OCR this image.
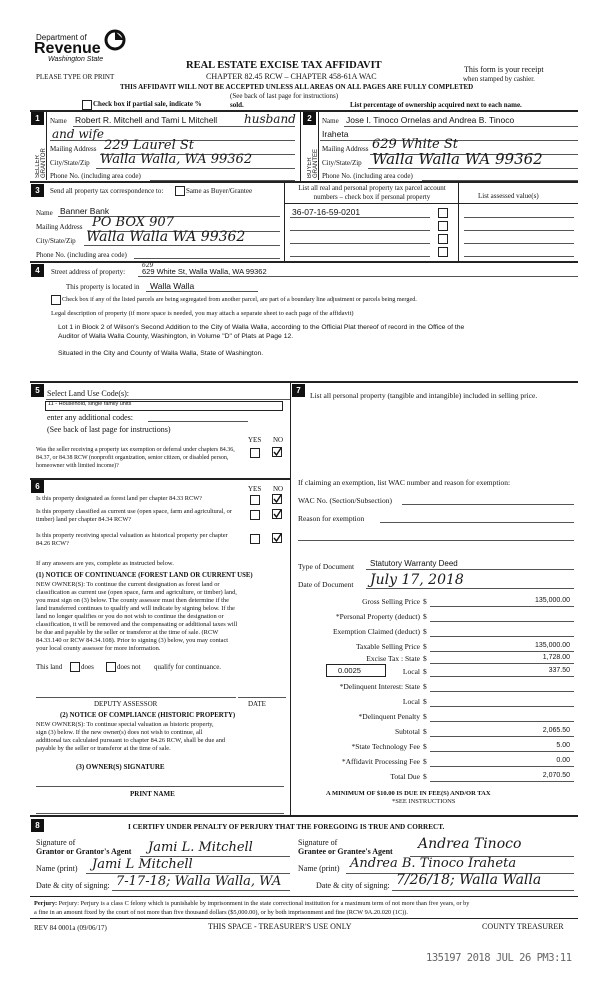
Department of
Revenue
Washington State
PLEASE TYPE OR PRINT
REAL ESTATE EXCISE TAX AFFIDAVIT
CHAPTER 82.45 RCW – CHAPTER 458-61A WAC
THIS AFFIDAVIT WILL NOT BE ACCEPTED UNLESS ALL AREAS ON ALL PAGES ARE FULLY COMPLETED
(See back of last page for instructions)
This form is your receipt
when stamped by cashier.
Check box if partial sale, indicate %	sold.	List percentage of ownership acquired next to each name.
1
SELLER GRANTOR
Name Robert R. Mitchell and Tami L Mitchell husband
and wife
Mailing Address 229 Laurel St
City/State/Zip Walla Walla, WA 99362
Phone No. (including area code)
2
BUYER GRANTEE
Name Jose I. Tinoco Ornelas and Andrea B. Tinoco
Iraheta
Mailing Address 629 White St
City/State/Zip Walla Walla WA 99362
Phone No. (including area code)
3	Send all property tax correspondence to:	Same as Buyer/Grantee	List all real and personal property tax parcel account numbers – check box if personal property	List assessed value(s)
Name Banner Bank
Mailing Address PO BOX 907
City/State/Zip Walla Walla WA 99362
Phone No. (including area code)
36-07-16-59-0201
4	Street address of property:
629
629 White St, Walla Walla, WA 99362
This property is located in Walla Walla
Check box if any of the listed parcels are being segregated from another parcel, are part of a boundary line adjustment or parcels being merged.
Legal description of property (if more space is needed, you may attach a separate sheet to each page of the affidavit)
Lot 1 in Block 2 of Wilson's Second Addition to the City of Walla Walla, according to the Official Plat thereof of record in the Office of the
Auditor of Walla Walla County, Washington, in Volume "D" of Plats at Page 12.
Situated in the City and County of Walla Walla, State of Washington.
5 Select Land Use Code(s):
11 - Household, single family units
enter any additional codes:
(See back of last page for instructions)
YES NO
Was the seller receiving a property tax exemption or deferral under chapters 84.36, 84.37, or 84.38 RCW (nonprofit organization, senior citizen, or disabled person, homeowner with limited income)?
6	YES NO
Is this property designated as forest land per chapter 84.33 RCW?
Is this property classified as current use (open space, farm and agricultural, or timber) land per chapter 84.34 RCW?
Is this property receiving special valuation as historical property per chapter 84.26 RCW?
If any answers are yes, complete as instructed below.
(1) NOTICE OF CONTINUANCE (FOREST LAND OR CURRENT USE)
NEW OWNER(S): To continue the current designation as forest land or
classification as current use (open space, farm and agriculture, or timber) land,
you must sign on (3) below. The county assessor must then determine if the
land transferred continues to qualify and will indicate by signing below. If the
land no longer qualifies or you do not wish to continue the designation or
classification, it will be removed and the compensating or additional taxes will
be due and payable by the seller or transferor at the time of sale. (RCW
84.33.140 or RCW 84.34.108). Prior to signing (3) below, you may contact
your local county assessor for more information.
This land	does	does not qualify for continuance.
DEPUTY ASSESSOR	DATE
(2) NOTICE OF COMPLIANCE (HISTORIC PROPERTY)
NEW OWNER(S): To continue special valuation as historic property,
sign (3) below. If the new owner(s) does not wish to continue, all
additional tax calculated pursuant to chapter 84.26 RCW, shall be due and
payable by the seller or transferor at the time of sale.
(3) OWNER(S) SIGNATURE
PRINT NAME
7
List all personal property (tangible and intangible) included in selling price.
If claiming an exemption, list WAC number and reason for exemption:
WAC No. (Section/Subsection)
Reason for exemption
Type of Document Statutory Warranty Deed
Date of Document July 17, 2018
Gross Selling Price $	135,000.00
*Personal Property (deduct) $
Exemption Claimed (deduct) $
Taxable Selling Price $	135,000.00
Excise Tax : State $	1,728.00
0.0025	Local $	337.50
*Delinquent Interest: State $
Local $
*Delinquent Penalty $
Subtotal $	2,065.50
*State Technology Fee $	5.00
*Affidavit Processing Fee $	0.00
Total Due $	2,070.50
A MINIMUM OF $10.00 IS DUE IN FEE(S) AND/OR TAX
*SEE INSTRUCTIONS
8	I CERTIFY UNDER PENALTY OF PERJURY THAT THE FOREGOING IS TRUE AND CORRECT.
Signature of
Grantor or Grantor's Agent Jami L. Mitchell	Signature of
Grantee or Grantee's Agent Andrea Tinoco
Name (print) Jami L Mitchell	Name (print) Andrea B. Tinoco Iraheta
Date & city of signing: 7-17-18; Walla Walla, WA	Date & city of signing: 7/26/18; Walla Walla
Perjury: Perjury: Perjury is a class C felony which is punishable by imprisonment in the state correctional institution for a maximum term of not more than five years, or by
a fine in an amount fixed by the court of not more than five thousand dollars ($5,000.00), or by both imprisonment and fine (RCW 9A.20.020 (1C)).
REV 84 0001a (09/06/17)	THIS SPACE - TREASURER'S USE ONLY	COUNTY TREASURER
135197 2018 JUL 26 PM3:11
